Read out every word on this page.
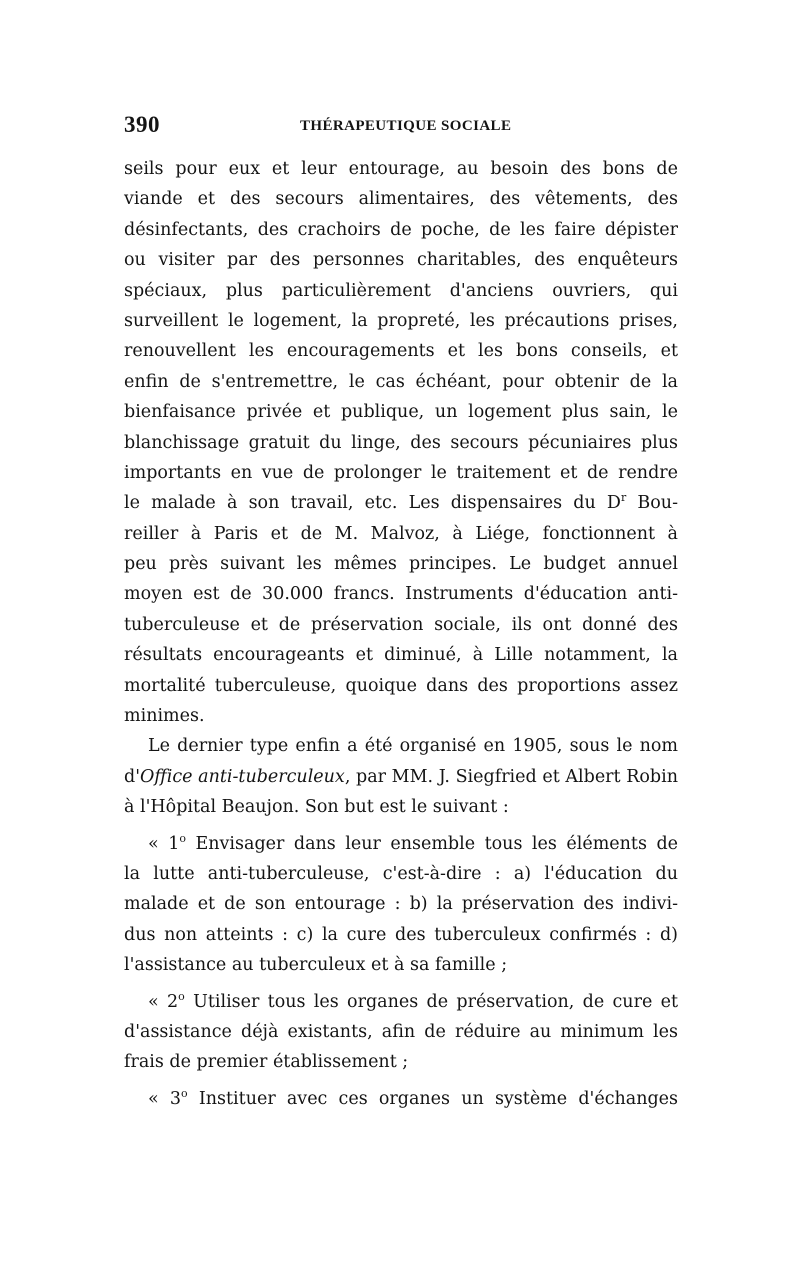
390	THÉRAPEUTIQUE SOCIALE
seils pour eux et leur entourage, au besoin des bons de
viande et des secours alimentaires, des vêtements, des
désinfectants, des crachoirs de poche, de les faire dépister
ou visiter par des personnes charitables, des enquêteurs
spéciaux, plus particulièrement d'anciens ouvriers, qui
surveillent le logement, la propreté, les précautions prises,
renouvellent les encouragements et les bons conseils, et
enfin de s'entremettre, le cas échéant, pour obtenir de la
bienfaisance privée et publique, un logement plus sain, le
blanchissage gratuit du linge, des secours pécuniaires plus
importants en vue de prolonger le traitement et de rendre
le malade à son travail, etc. Les dispensaires du $D^r$ Bou-
reiller à Paris et de M. Malvoz, à Liége, fonctionnent à
peu près suivant les mêmes principes. Le budget annuel
moyen est de 30.000 francs. Instruments d'éducation anti-
tuberculeuse et de préservation sociale, ils ont donné des
résultats encourageants et diminué, à Lille notamment, la
mortalité tuberculeuse, quoique dans des proportions assez
minimes.
Le dernier type enfin a été organisé en 1905, sous le nom
d'Office anti-tuberculeux, par MM. J. Siegfried et Albert Robin
à l'Hôpital Beaujon. Son but est le suivant :
« 1$^o$ Envisager dans leur ensemble tous les éléments de
la lutte anti-tuberculeuse, c'est-à-dire : a) l'éducation du
malade et de son entourage : b) la préservation des indivi-
dus non atteints : c) la cure des tuberculeux confirmés : d)
l'assistance au tuberculeux et à sa famille ;
« 2$^o$ Utiliser tous les organes de préservation, de cure et
d'assistance déjà existants, afin de réduire au minimum les
frais de premier établissement ;
« 3$^o$ Instituer avec ces organes un système d'échanges
